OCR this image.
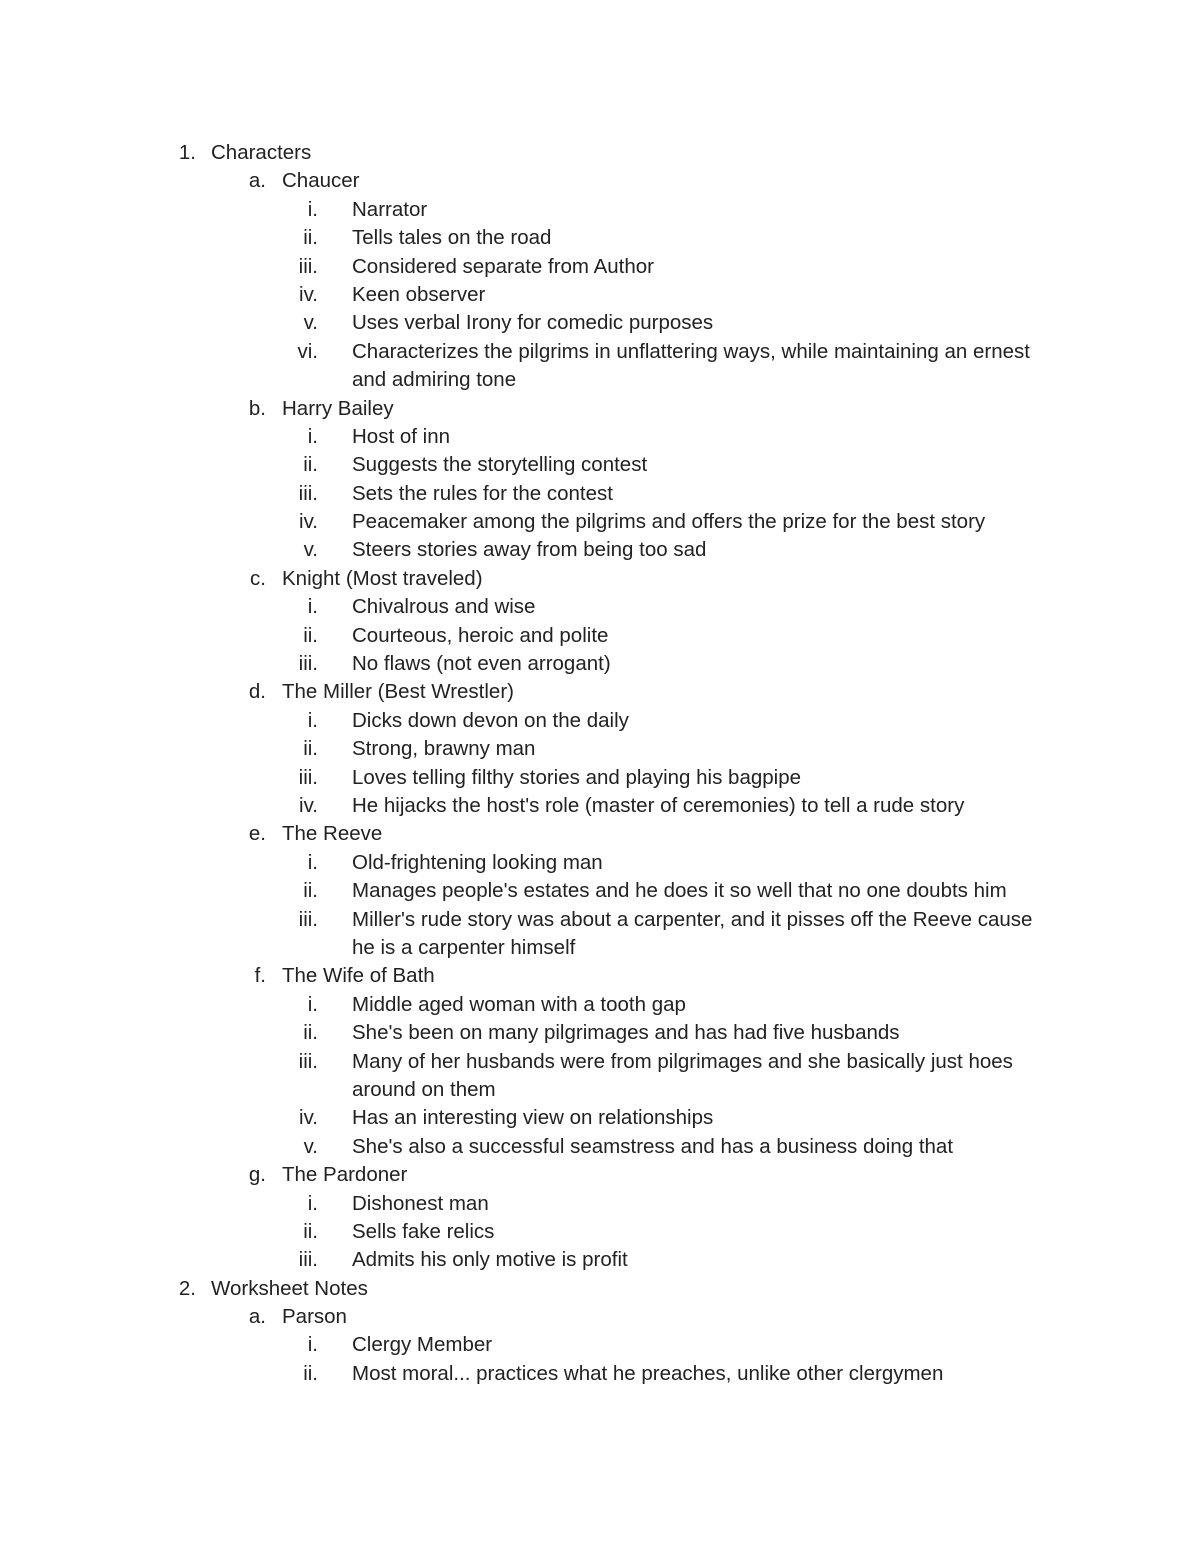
1. Characters
a. Chaucer
i. Narrator
ii. Tells tales on the road
iii. Considered separate from Author
iv. Keen observer
v. Uses verbal Irony for comedic purposes
vi. Characterizes the pilgrims in unflattering ways, while maintaining an ernest and admiring tone
b. Harry Bailey
i. Host of inn
ii. Suggests the storytelling contest
iii. Sets the rules for the contest
iv. Peacemaker among the pilgrims and offers the prize for the best story
v. Steers stories away from being too sad
c. Knight (Most traveled)
i. Chivalrous and wise
ii. Courteous, heroic and polite
iii. No flaws (not even arrogant)
d. The Miller (Best Wrestler)
i. Dicks down devon on the daily
ii. Strong, brawny man
iii. Loves telling filthy stories and playing his bagpipe
iv. He hijacks the host's role (master of ceremonies) to tell a rude story
e. The Reeve
i. Old-frightening looking man
ii. Manages people's estates and he does it so well that no one doubts him
iii. Miller's rude story was about a carpenter, and it pisses off the Reeve cause he is a carpenter himself
f. The Wife of Bath
i. Middle aged woman with a tooth gap
ii. She's been on many pilgrimages and has had five husbands
iii. Many of her husbands were from pilgrimages and she basically just hoes around on them
iv. Has an interesting view on relationships
v. She's also a successful seamstress and has a business doing that
g. The Pardoner
i. Dishonest man
ii. Sells fake relics
iii. Admits his only motive is profit
2. Worksheet Notes
a. Parson
i. Clergy Member
ii. Most moral... practices what he preaches, unlike other clergymen
